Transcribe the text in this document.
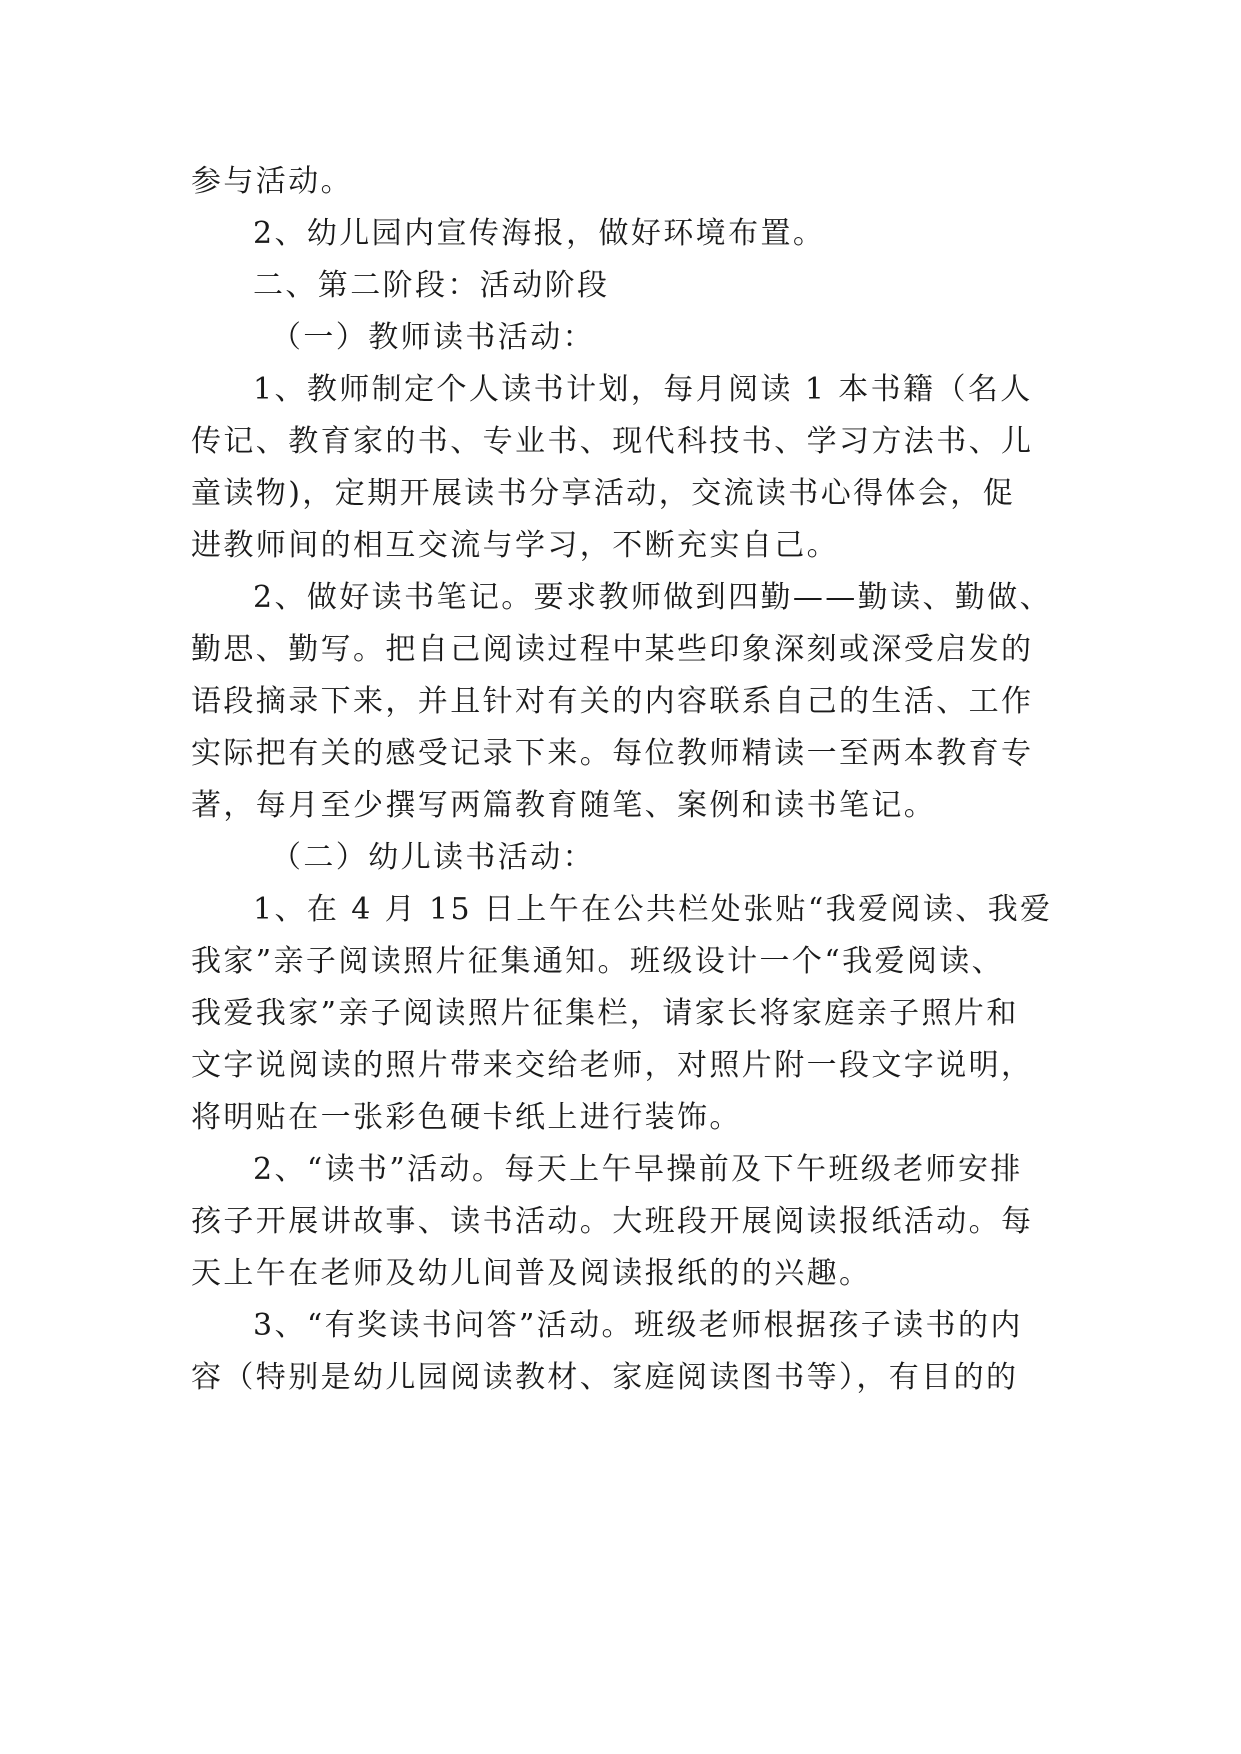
参与活动。
2、幼儿园内宣传海报，做好环境布置。
二、第二阶段：活动阶段
（一）教师读书活动：
1、教师制定个人读书计划，每月阅读 1 本书籍（名人
传记、教育家的书、专业书、现代科技书、学习方法书、儿
童读物)，定期开展读书分享活动，交流读书心得体会，促
进教师间的相互交流与学习，不断充实自己。
2、做好读书笔记。要求教师做到四勤——勤读、勤做、
勤思、勤写。把自己阅读过程中某些印象深刻或深受启发的
语段摘录下来，并且针对有关的内容联系自己的生活、工作
实际把有关的感受记录下来。每位教师精读一至两本教育专
著，每月至少撰写两篇教育随笔、案例和读书笔记。
（二）幼儿读书活动：
1、在 4 月 15 日上午在公共栏处张贴“我爱阅读、我爱
我家”亲子阅读照片征集通知。班级设计一个“我爱阅读、
我爱我家”亲子阅读照片征集栏，请家长将家庭亲子照片和
文字说阅读的照片带来交给老师，对照片附一段文字说明，
将明贴在一张彩色硬卡纸上进行装饰。
2、“读书”活动。每天上午早操前及下午班级老师安排
孩子开展讲故事、读书活动。大班段开展阅读报纸活动。每
天上午在老师及幼儿间普及阅读报纸的的兴趣。
3、“有奖读书问答”活动。班级老师根据孩子读书的内
容（特别是幼儿园阅读教材、家庭阅读图书等），有目的的
